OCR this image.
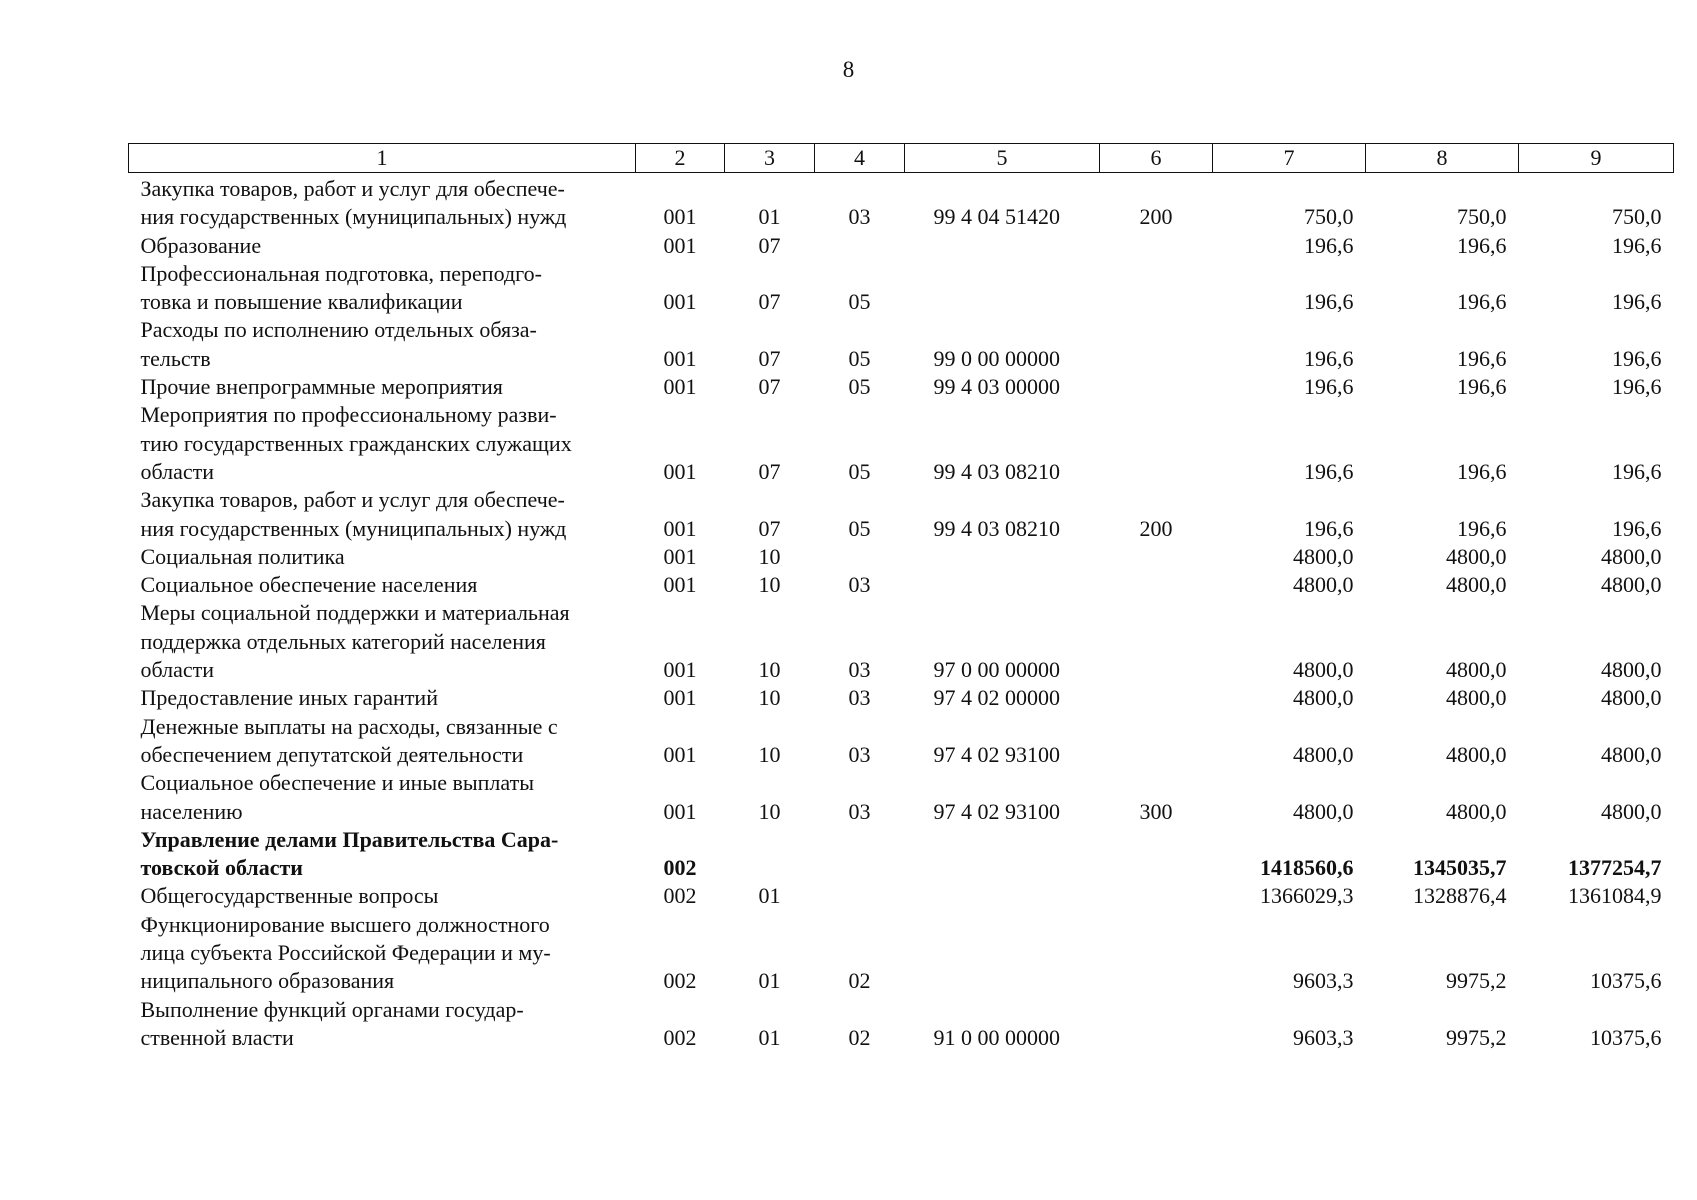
8
1	2	3	4	5	6	7	8	9
Закупка товаров, работ и услуг для обеспече-
ния государственных (муниципальных) нужд	001	01	03	99 4 04 51420	200	750,0	750,0	750,0
Образование	001	07				196,6	196,6	196,6
Профессиональная подготовка, переподго-
товка и повышение квалификации	001	07	05			196,6	196,6	196,6
Расходы по исполнению отдельных обяза-
тельств	001	07	05	99 0 00 00000		196,6	196,6	196,6
Прочие внепрограммные мероприятия	001	07	05	99 4 03 00000		196,6	196,6	196,6
Мероприятия по профессиональному разви-
тию государственных гражданских служащих
области	001	07	05	99 4 03 08210		196,6	196,6	196,6
Закупка товаров, работ и услуг для обеспече-
ния государственных (муниципальных) нужд	001	07	05	99 4 03 08210	200	196,6	196,6	196,6
Социальная политика	001	10				4800,0	4800,0	4800,0
Социальное обеспечение населения	001	10	03			4800,0	4800,0	4800,0
Меры социальной поддержки и материальная
поддержка отдельных категорий населения
области	001	10	03	97 0 00 00000		4800,0	4800,0	4800,0
Предоставление иных гарантий	001	10	03	97 4 02 00000		4800,0	4800,0	4800,0
Денежные выплаты на расходы, связанные с
обеспечением депутатской деятельности	001	10	03	97 4 02 93100		4800,0	4800,0	4800,0
Социальное обеспечение и иные выплаты
населению	001	10	03	97 4 02 93100	300	4800,0	4800,0	4800,0
Управление делами Правительства Сара-
товской области	002					1418560,6	1345035,7	1377254,7
Общегосударственные вопросы	002	01				1366029,3	1328876,4	1361084,9
Функционирование высшего должностного
лица субъекта Российской Федерации и му-
ниципального образования	002	01	02			9603,3	9975,2	10375,6
Выполнение функций органами государ-
ственной власти	002	01	02	91 0 00 00000		9603,3	9975,2	10375,6
